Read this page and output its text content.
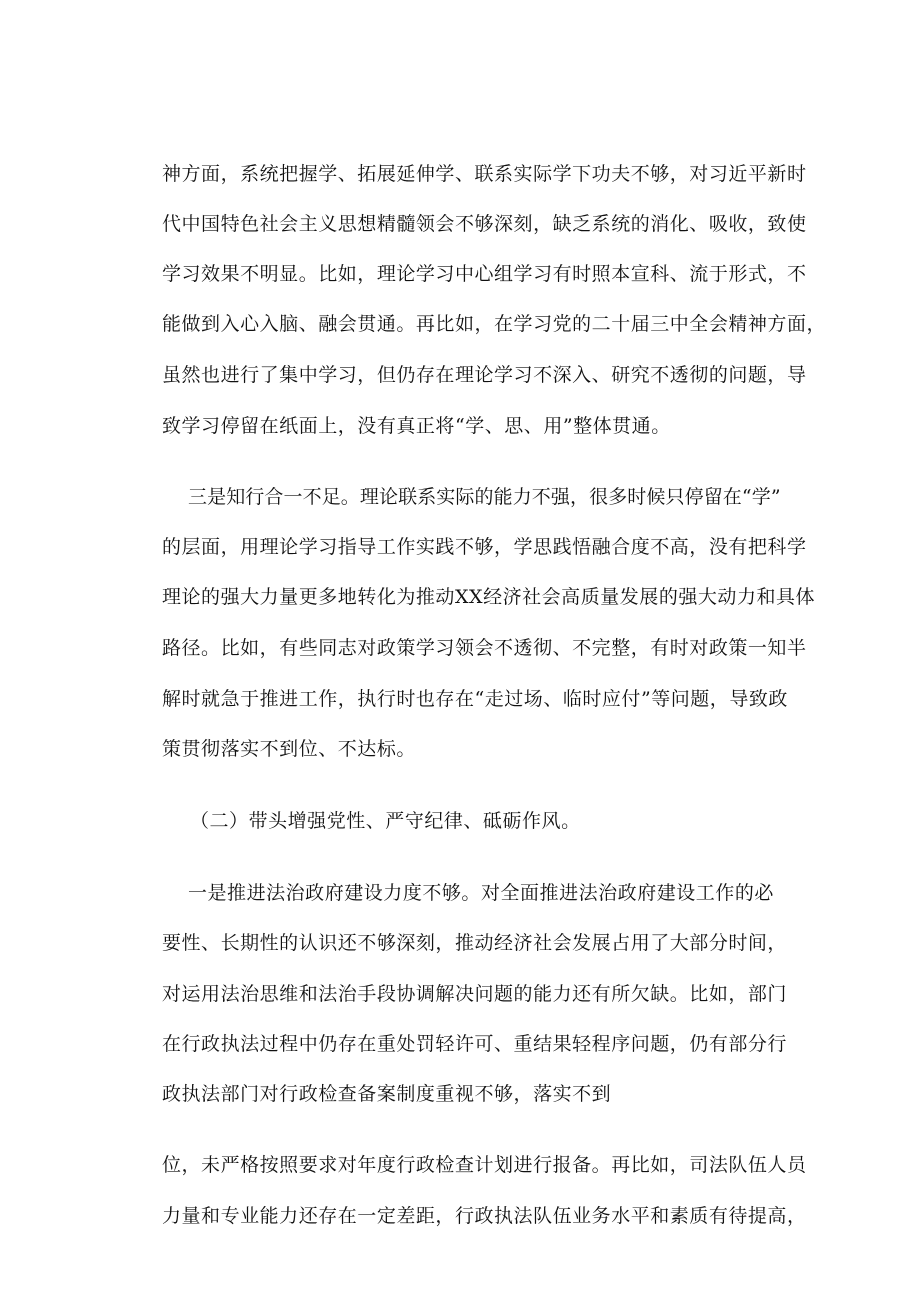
神方面，系统把握学、拓展延伸学、联系实际学下功夫不够，对习近平新时

代中国特色社会主义思想精髓领会不够深刻，缺乏系统的消化、吸收，致使

学习效果不明显。比如，理论学习中心组学习有时照本宣科、流于形式，不

能做到入心入脑、融会贯通。再比如，在学习党的二十届三中全会精神方面，

虽然也进行了集中学习，但仍存在理论学习不深入、研究不透彻的问题，导

致学习停留在纸面上，没有真正将“学、思、用”整体贯通。

三是知行合一不足。理论联系实际的能力不强，很多时候只停留在“学”

的层面，用理论学习指导工作实践不够，学思践悟融合度不高，没有把科学

理论的强大力量更多地转化为推动XX经济社会高质量发展的强大动力和具体

路径。比如，有些同志对政策学习领会不透彻、不完整，有时对政策一知半

解时就急于推进工作，执行时也存在“走过场、临时应付”等问题，导致政

策贯彻落实不到位、不达标。

（二）带头增强党性、严守纪律、砥砺作风。

一是推进法治政府建设力度不够。对全面推进法治政府建设工作的必

要性、长期性的认识还不够深刻，推动经济社会发展占用了大部分时间，

对运用法治思维和法治手段协调解决问题的能力还有所欠缺。比如，部门

在行政执法过程中仍存在重处罚轻许可、重结果轻程序问题，仍有部分行

政执法部门对行政检查备案制度重视不够，落实不到

位，未严格按照要求对年度行政检查计划进行报备。再比如，司法队伍人员

力量和专业能力还存在一定差距，行政执法队伍业务水平和素质有待提高，
